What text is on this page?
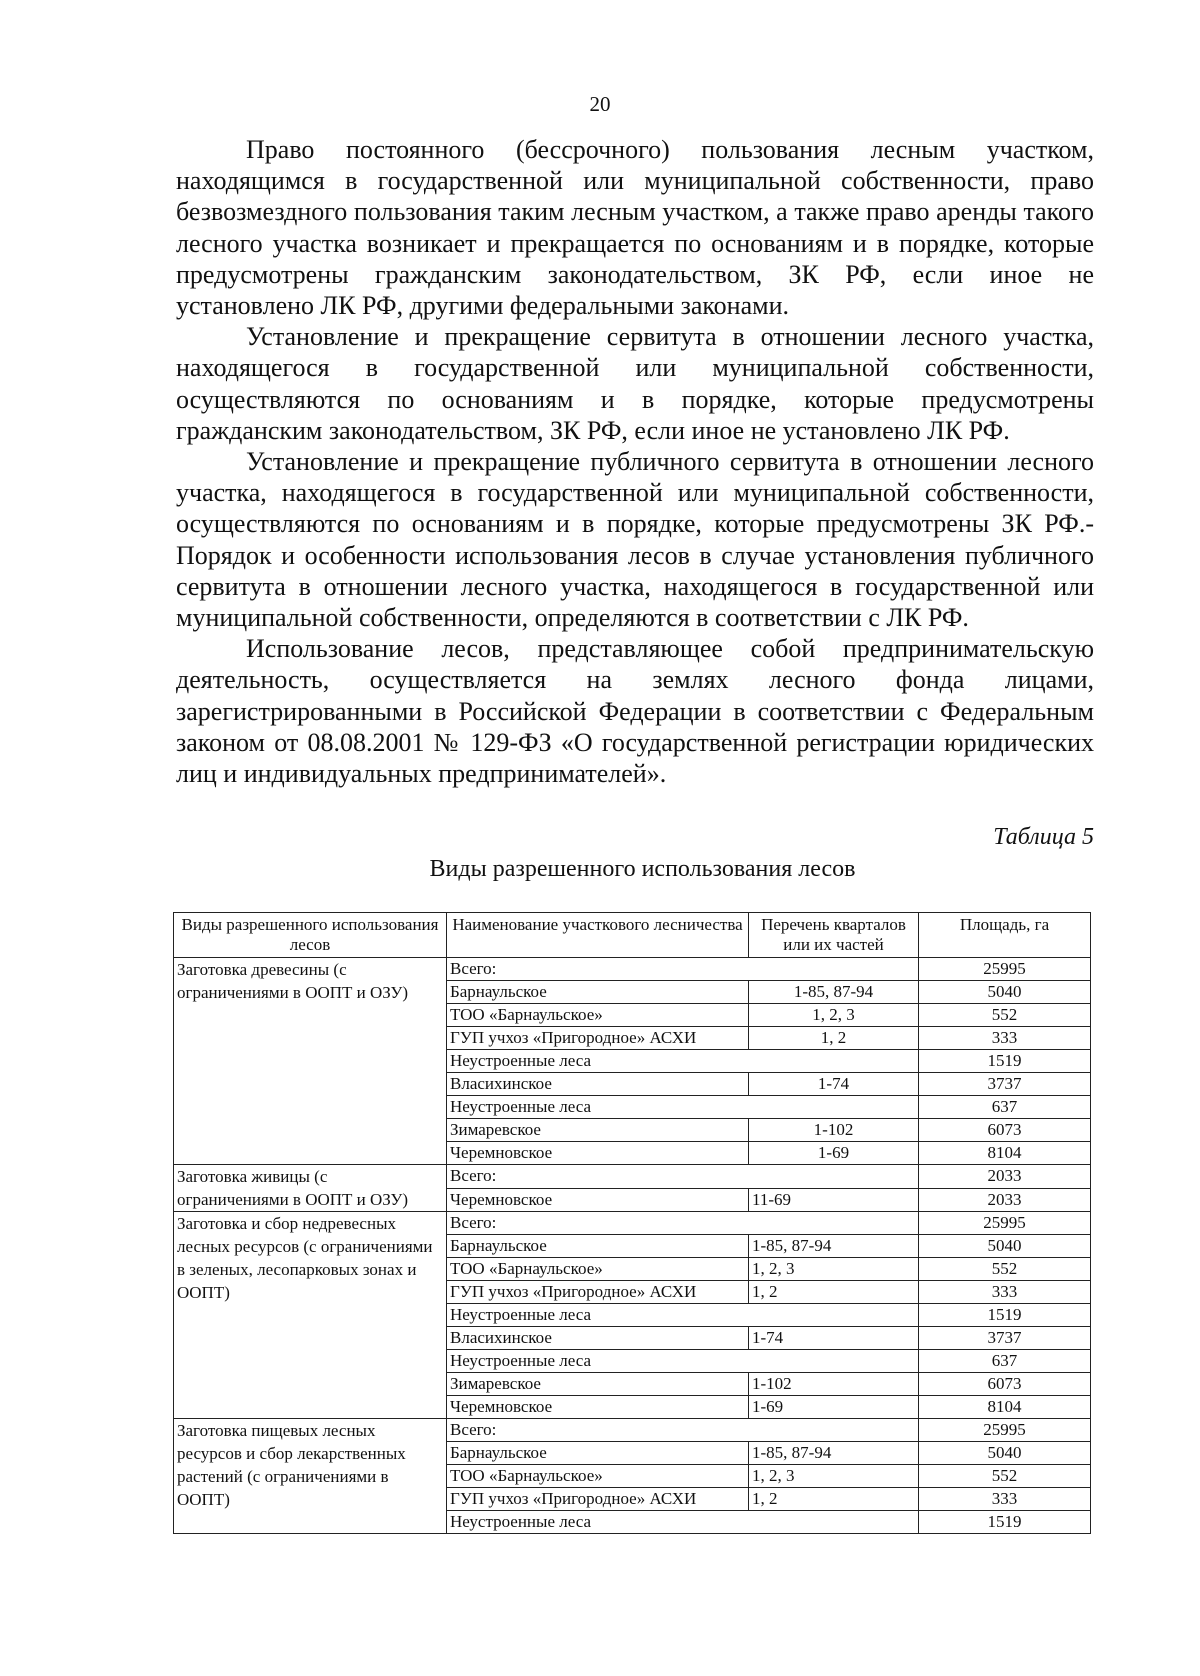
20

Право постоянного (бессрочного) пользования лесным участком, находящимся в государственной или муниципальной собственности, право безвозмездного пользования таким лесным участком, а также право аренды такого лесного участка возникает и прекращается по основаниям и в порядке, которые предусмотрены гражданским законодательством, ЗК РФ, если иное не установлено ЛК РФ, другими федеральными законами.

Установление и прекращение сервитута в отношении лесного участка, находящегося в государственной или муниципальной собственности, осуществляются по основаниям и в порядке, которые предусмотрены гражданским законодательством, ЗК РФ, если иное не установлено ЛК РФ.

Установление и прекращение публичного сервитута в отношении лесного участка, находящегося в государственной или муниципальной собственности, осуществляются по основаниям и в порядке, которые предусмотрены ЗК РФ.-Порядок и особенности использования лесов в случае установления публичного сервитута в отношении лесного участка, находящегося в государственной или муниципальной собственности, определяются в соответствии с ЛК РФ.

Использование лесов, представляющее собой предпринимательскую деятельность, осуществляется на землях лесного фонда лицами, зарегистрированными в Российской Федерации в соответствии с Федеральным законом от 08.08.2001 № 129-ФЗ «О государственной регистрации юридических лиц и индивидуальных предпринимателей».

Таблица 5
Виды разрешенного использования лесов
Виды разрешенного использования лесов	Наименование участкового лесничества	Перечень кварталов или их частей	Площадь, га
Заготовка древесины (с ограничениями в ООПТ и ОЗУ)	Всего:		25995
	Барнаульское	1-85, 87-94	5040
	ТОО «Барнаульское»	1, 2, 3	552
	ГУП учхоз «Пригородное» АСХИ	1, 2	333
	Неустроенные леса		1519
	Власихинское	1-74	3737
	Неустроенные леса		637
	Зимаревское	1-102	6073
	Черемновское	1-69	8104
Заготовка живицы (с ограничениями в ООПТ и ОЗУ)	Всего:		2033
	Черемновское	11-69	2033
Заготовка и сбор недревесных лесных ресурсов (с ограничениями в зеленых, лесопарковых зонах и ООПТ)	Всего:		25995
	Барнаульское	1-85, 87-94	5040
	ТОО «Барнаульское»	1, 2, 3	552
	ГУП учхоз «Пригородное» АСХИ	1, 2	333
	Неустроенные леса		1519
	Власихинское	1-74	3737
	Неустроенные леса		637
	Зимаревское	1-102	6073
	Черемновское	1-69	8104
Заготовка пищевых лесных ресурсов и сбор лекарственных растений (с ограничениями в ООПТ)	Всего:		25995
	Барнаульское	1-85, 87-94	5040
	ТОО «Барнаульское»	1, 2, 3	552
	ГУП учхоз «Пригородное» АСХИ	1, 2	333
	Неустроенные леса		1519
